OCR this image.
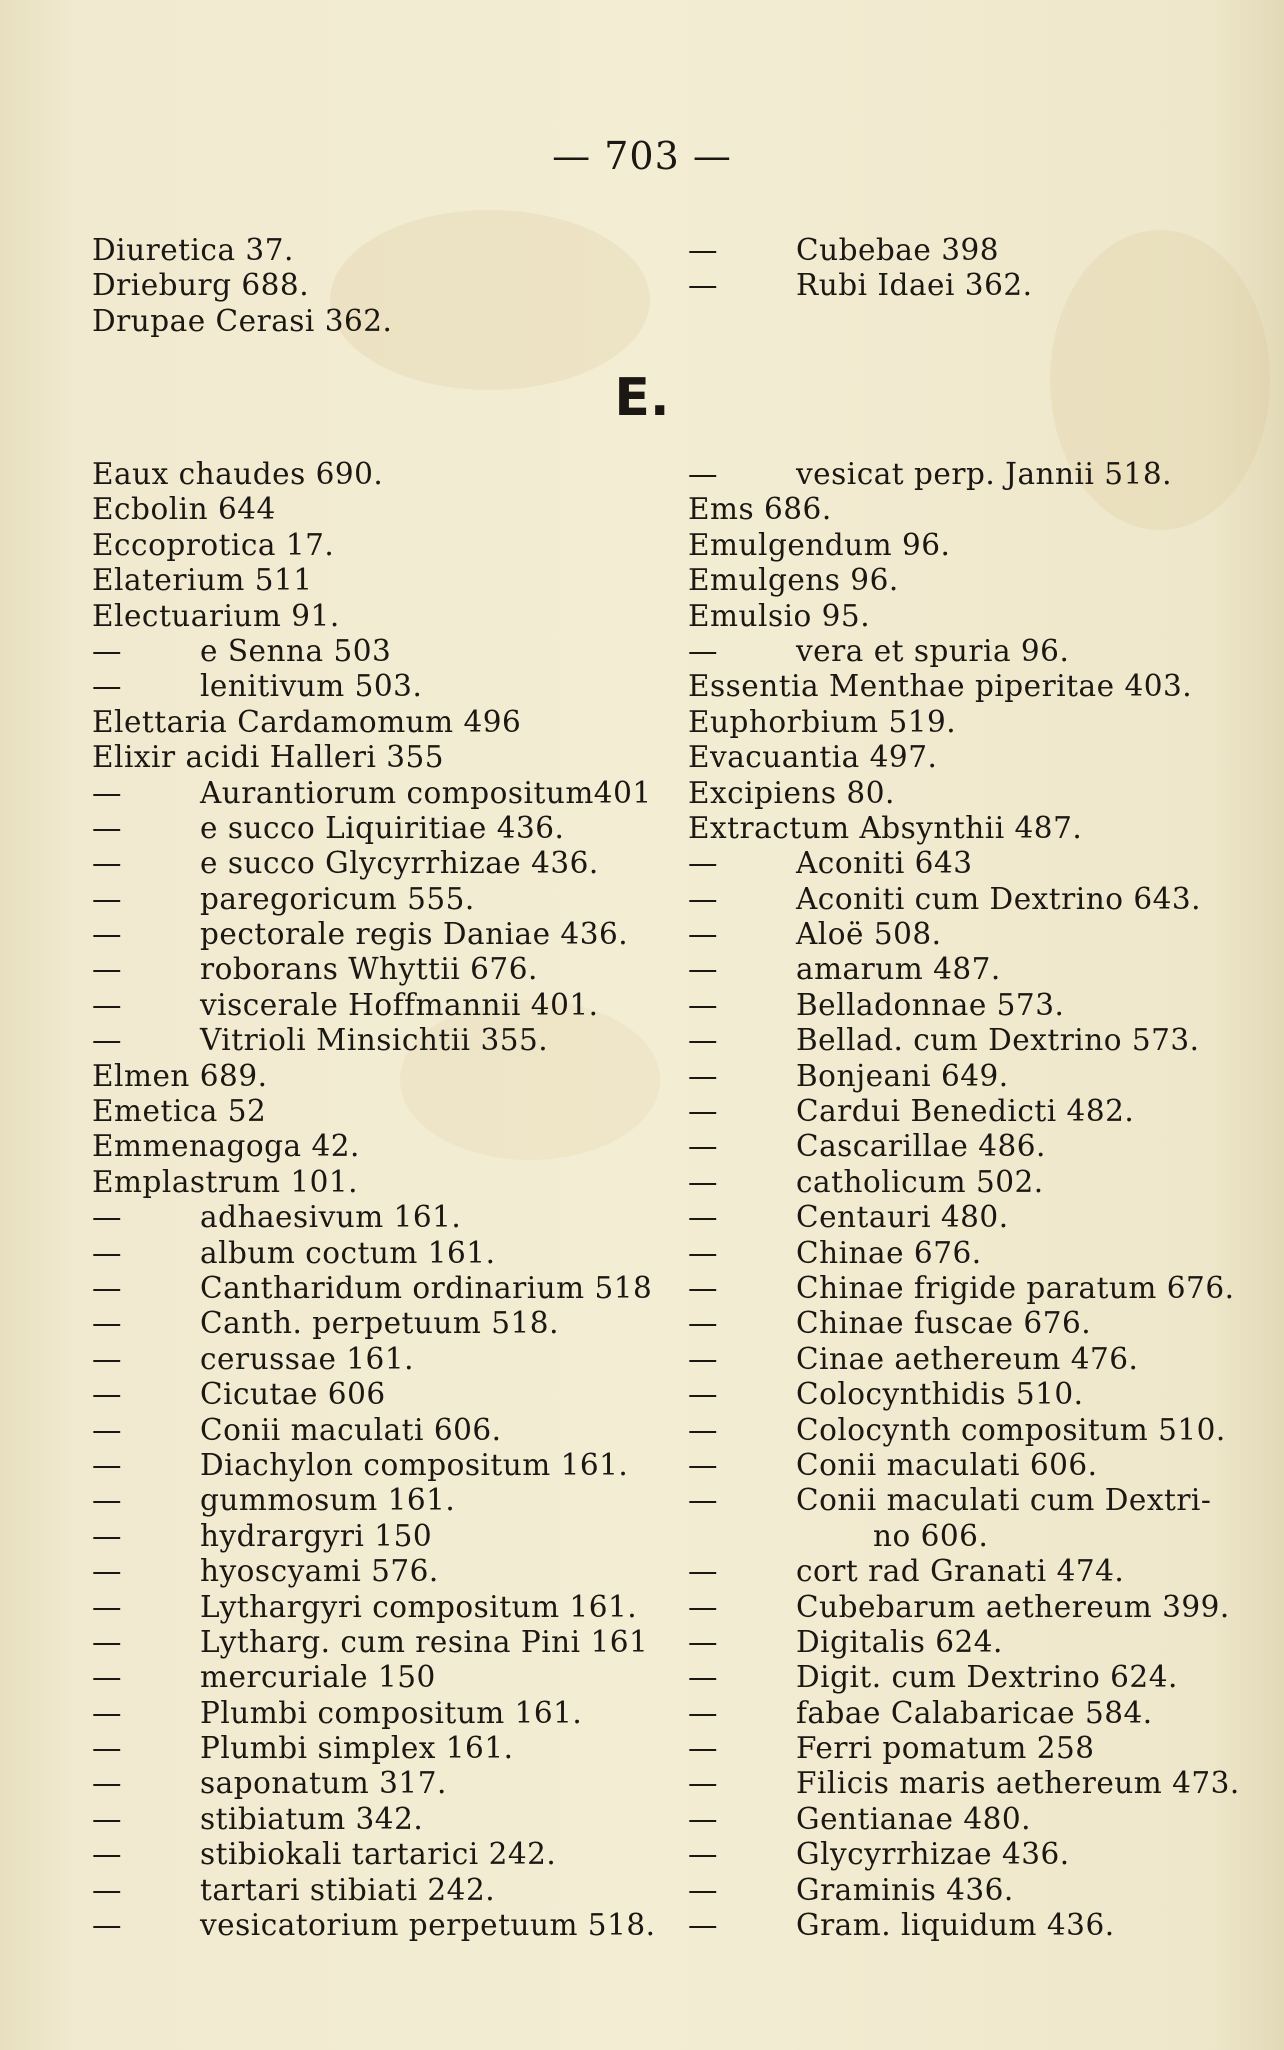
— 703 —
E.
Diuretica 37.
Drieburg 688.
Drupae Cerasi 362.
—	Cubebae 398
—	Rubi Idaei 362.
Eaux chaudes 690.
Ecbolin 644
Eccoprotica 17.
Elaterium 511
Electuarium 91.
—	e Senna 503
—	lenitivum 503.
Elettaria Cardamomum 496
Elixir acidi Halleri 355
—	Aurantiorum compositum401
—	e succo Liquiritiae 436.
—	e succo Glycyrrhizae 436.
—	paregoricum 555.
—	pectorale regis Daniae 436.
—	roborans Whyttii 676.
—	viscerale Hoffmannii 401.
—	Vitrioli Minsichtii 355.
Elmen 689.
Emetica 52
Emmenagoga 42.
Emplastrum 101.
—	adhaesivum 161.
—	album coctum 161.
—	Cantharidum ordinarium 518
—	Canth. perpetuum 518.
—	cerussae 161.
—	Cicutae 606
—	Conii maculati 606.
—	Diachylon compositum 161.
—	gummosum 161.
—	hydrargyri 150
—	hyoscyami 576.
—	Lythargyri compositum 161.
—	Lytharg. cum resina Pini 161
—	mercuriale 150
—	Plumbi compositum 161.
—	Plumbi simplex 161.
—	saponatum 317.
—	stibiatum 342.
—	stibiokali tartarici 242.
—	tartari stibiati 242.
—	vesicatorium perpetuum 518.
—	vesicat perp. Jannii 518.
Ems 686.
Emulgendum 96.
Emulgens 96.
Emulsio 95.
—	vera et spuria 96.
Essentia Menthae piperitae 403.
Euphorbium 519.
Evacuantia 497.
Excipiens 80.
Extractum Absynthii 487.
—	Aconiti 643
—	Aconiti cum Dextrino 643.
—	Aloë 508.
—	amarum 487.
—	Belladonnae 573.
—	Bellad. cum Dextrino 573.
—	Bonjeani 649.
—	Cardui Benedicti 482.
—	Cascarillae 486.
—	catholicum 502.
—	Centauri 480.
—	Chinae 676.
—	Chinae frigide paratum 676.
—	Chinae fuscae 676.
—	Cinae aethereum 476.
—	Colocynthidis 510.
—	Colocynth compositum 510.
—	Conii maculati 606.
—	Conii maculati cum Dextri-
no 606.
—	cort rad Granati 474.
—	Cubebarum aethereum 399.
—	Digitalis 624.
—	Digit. cum Dextrino 624.
—	fabae Calabaricae 584.
—	Ferri pomatum 258
—	Filicis maris aethereum 473.
—	Gentianae 480.
—	Glycyrrhizae 436.
—	Graminis 436.
—	Gram. liquidum 436.
